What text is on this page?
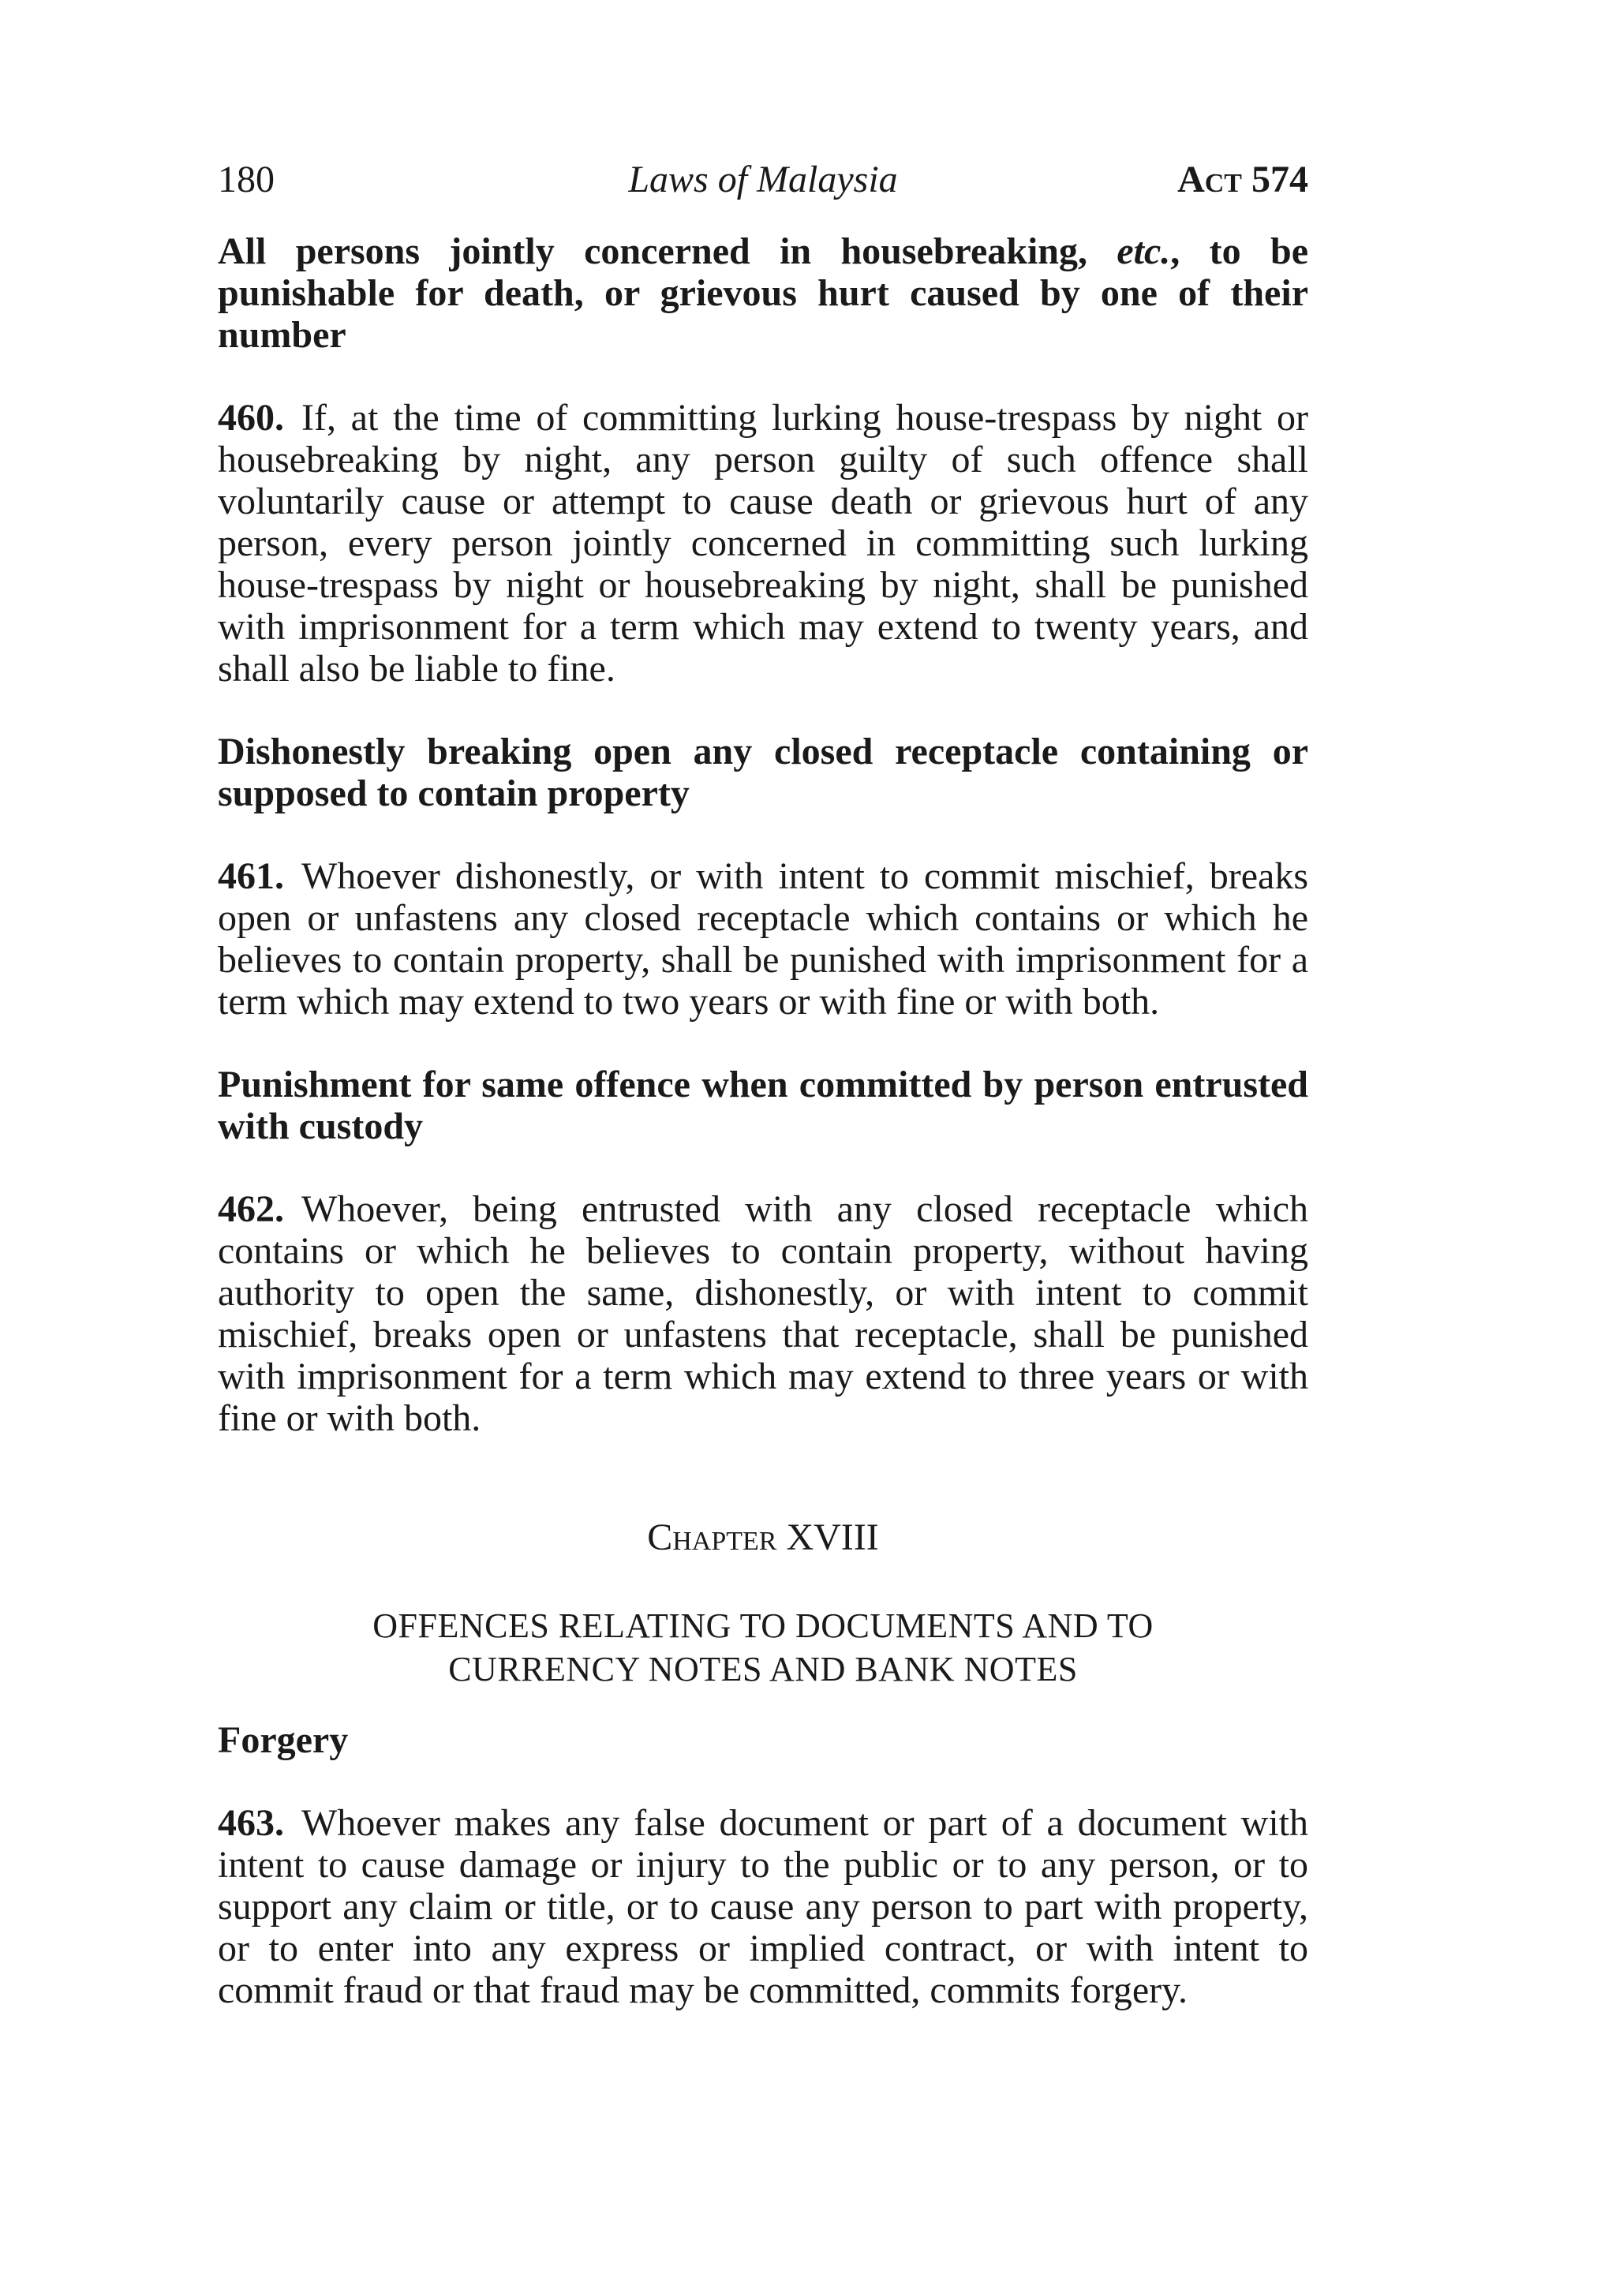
180	Laws of Malaysia	Act 574

All persons jointly concerned in housebreaking, etc., to be punishable for death, or grievous hurt caused by one of their number

460. If, at the time of committing lurking house-trespass by night or housebreaking by night, any person guilty of such offence shall voluntarily cause or attempt to cause death or grievous hurt of any person, every person jointly concerned in committing such lurking house-trespass by night or housebreaking by night, shall be punished with imprisonment for a term which may extend to twenty years, and shall also be liable to fine.

Dishonestly breaking open any closed receptacle containing or supposed to contain property

461. Whoever dishonestly, or with intent to commit mischief, breaks open or unfastens any closed receptacle which contains or which he believes to contain property, shall be punished with imprisonment for a term which may extend to two years or with fine or with both.

Punishment for same offence when committed by person entrusted with custody

462. Whoever, being entrusted with any closed receptacle which contains or which he believes to contain property, without having authority to open the same, dishonestly, or with intent to commit mischief, breaks open or unfastens that receptacle, shall be punished with imprisonment for a term which may extend to three years or with fine or with both.

Chapter XVIII
OFFENCES RELATING TO DOCUMENTS AND TO
CURRENCY NOTES AND BANK NOTES

Forgery

463. Whoever makes any false document or part of a document with intent to cause damage or injury to the public or to any person, or to support any claim or title, or to cause any person to part with property, or to enter into any express or implied contract, or with intent to commit fraud or that fraud may be committed, commits forgery.
